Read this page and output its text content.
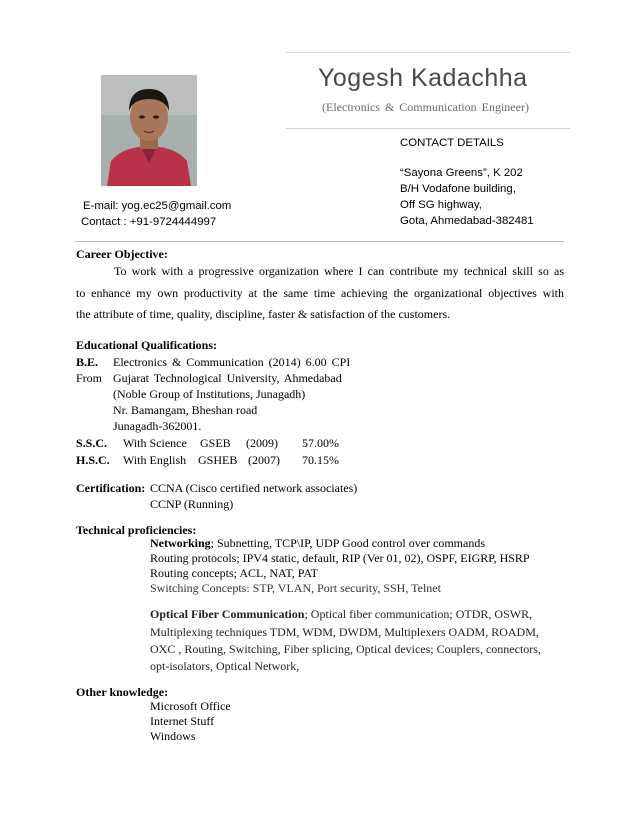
Yogesh Kadachha
(Electronics & Communication Engineer)
E-mail: yog.ec25@gmail.com
Contact : +91-9724444997
CONTACT DETAILS
“Sayona Greens”, K 202
B/H Vodafone building,
Off SG highway,
Gota, Ahmedabad-382481
Career Objective:
To work with a progressive organization where I can contribute my technical skill so as
to enhance my own productivity at the same time achieving the organizational objectives with
the attribute of time, quality, discipline, faster & satisfaction of the customers.
Educational Qualifications:
B.E. Electronics & Communication (2014) 6.00 CPI
From Gujarat Technological University, Ahmedabad
(Noble Group of Institutions, Junagadh)
Nr. Bamangam, Bheshan road
Junagadh-362001.
S.S.C. With Science GSEB (2009) 57.00%
H.S.C. With English GSHEB (2007) 70.15%
Certification: CCNA (Cisco certified network associates)
CCNP (Running)
Technical proficiencies:
Networking; Subnetting, TCP\IP, UDP Good control over commands
Routing protocols; IPV4 static, default, RIP (Ver 01, 02), OSPF, EIGRP, HSRP
Routing concepts; ACL, NAT, PAT
Switching Concepts: STP, VLAN, Port security, SSH, Telnet
Optical Fiber Communication; Optical fiber communication; OTDR, OSWR,
Multiplexing techniques TDM, WDM, DWDM, Multiplexers OADM, ROADM,
OXC , Routing, Switching, Fiber splicing, Optical devices; Couplers, connectors,
opt-isolators, Optical Network,
Other knowledge:
Microsoft Office
Internet Stuff
Windows
